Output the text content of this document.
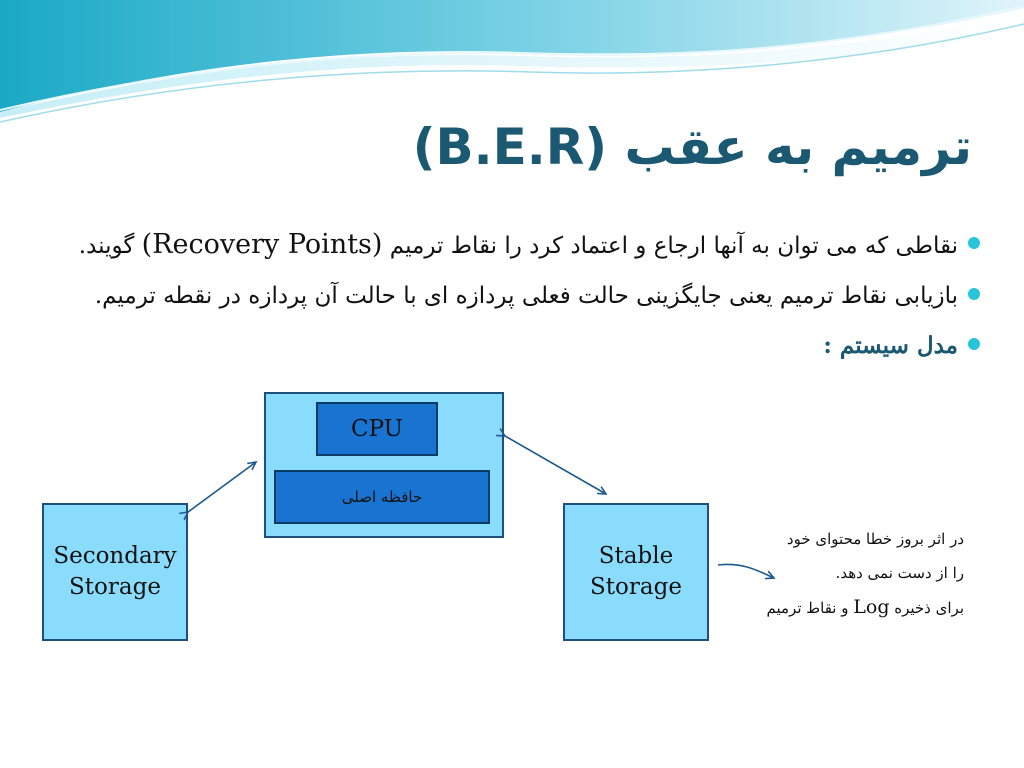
ترمیم به عقب (B.E.R)
نقاطی که می توان به آنها ارجاع و اعتماد کرد را نقاط ترمیم (Recovery Points) گویند.
بازیابی نقاط ترمیم یعنی جایگزینی حالت فعلی پردازه ای با حالت آن پردازه در نقطه ترمیم.
مدل سیستم :
CPU
حافظه اصلی
Secondary
Storage
Stable
Storage
در اثر بروز خطا محتوای خود
را از دست نمی دهد.
برای ذخیره Log و نقاط ترمیم
